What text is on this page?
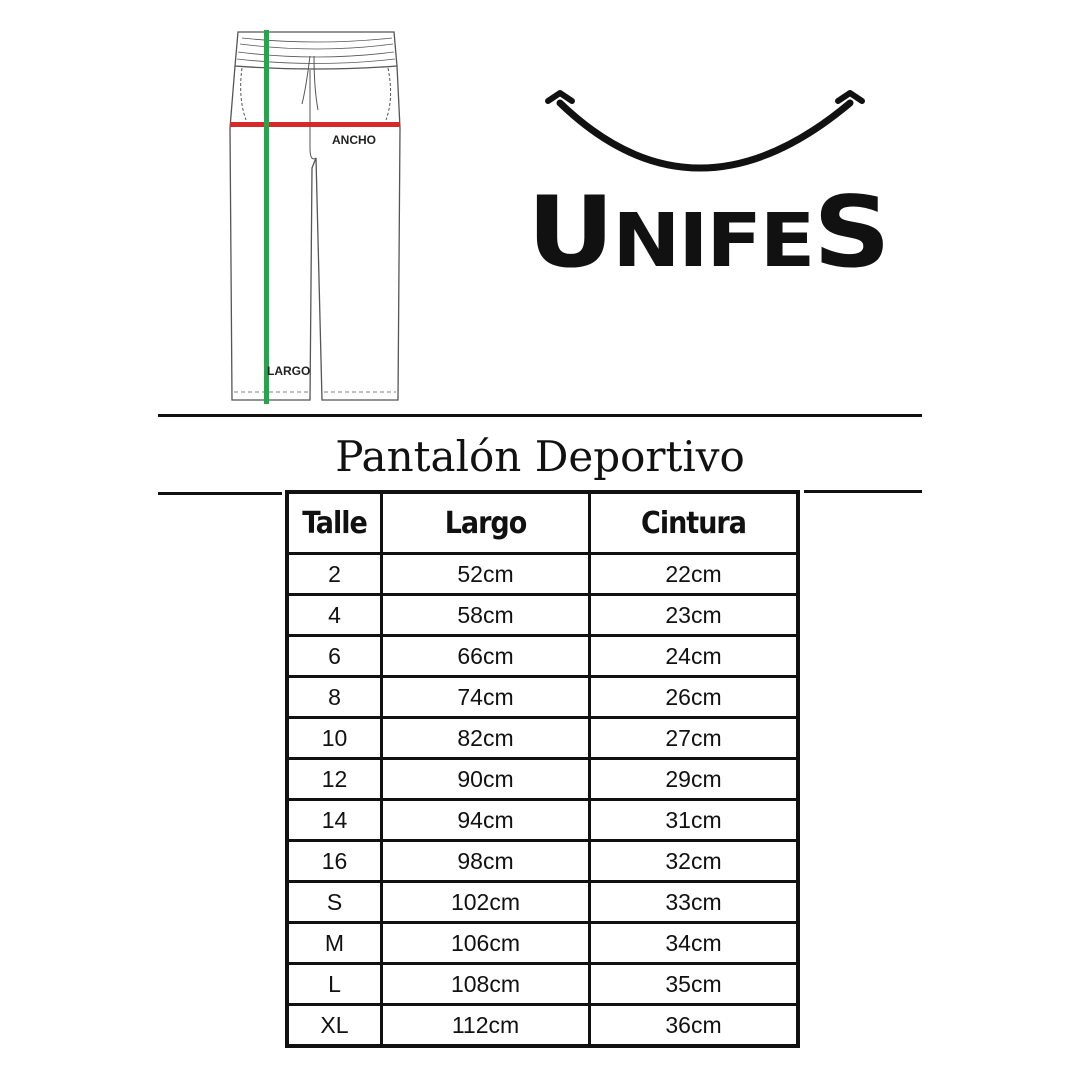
ANCHO
LARGO
UNIFES
Pantalón Deportivo
Talle	Largo	Cintura
2	52cm	22cm
4	58cm	23cm
6	66cm	24cm
8	74cm	26cm
10	82cm	27cm
12	90cm	29cm
14	94cm	31cm
16	98cm	32cm
S	102cm	33cm
M	106cm	34cm
L	108cm	35cm
XL	112cm	36cm
